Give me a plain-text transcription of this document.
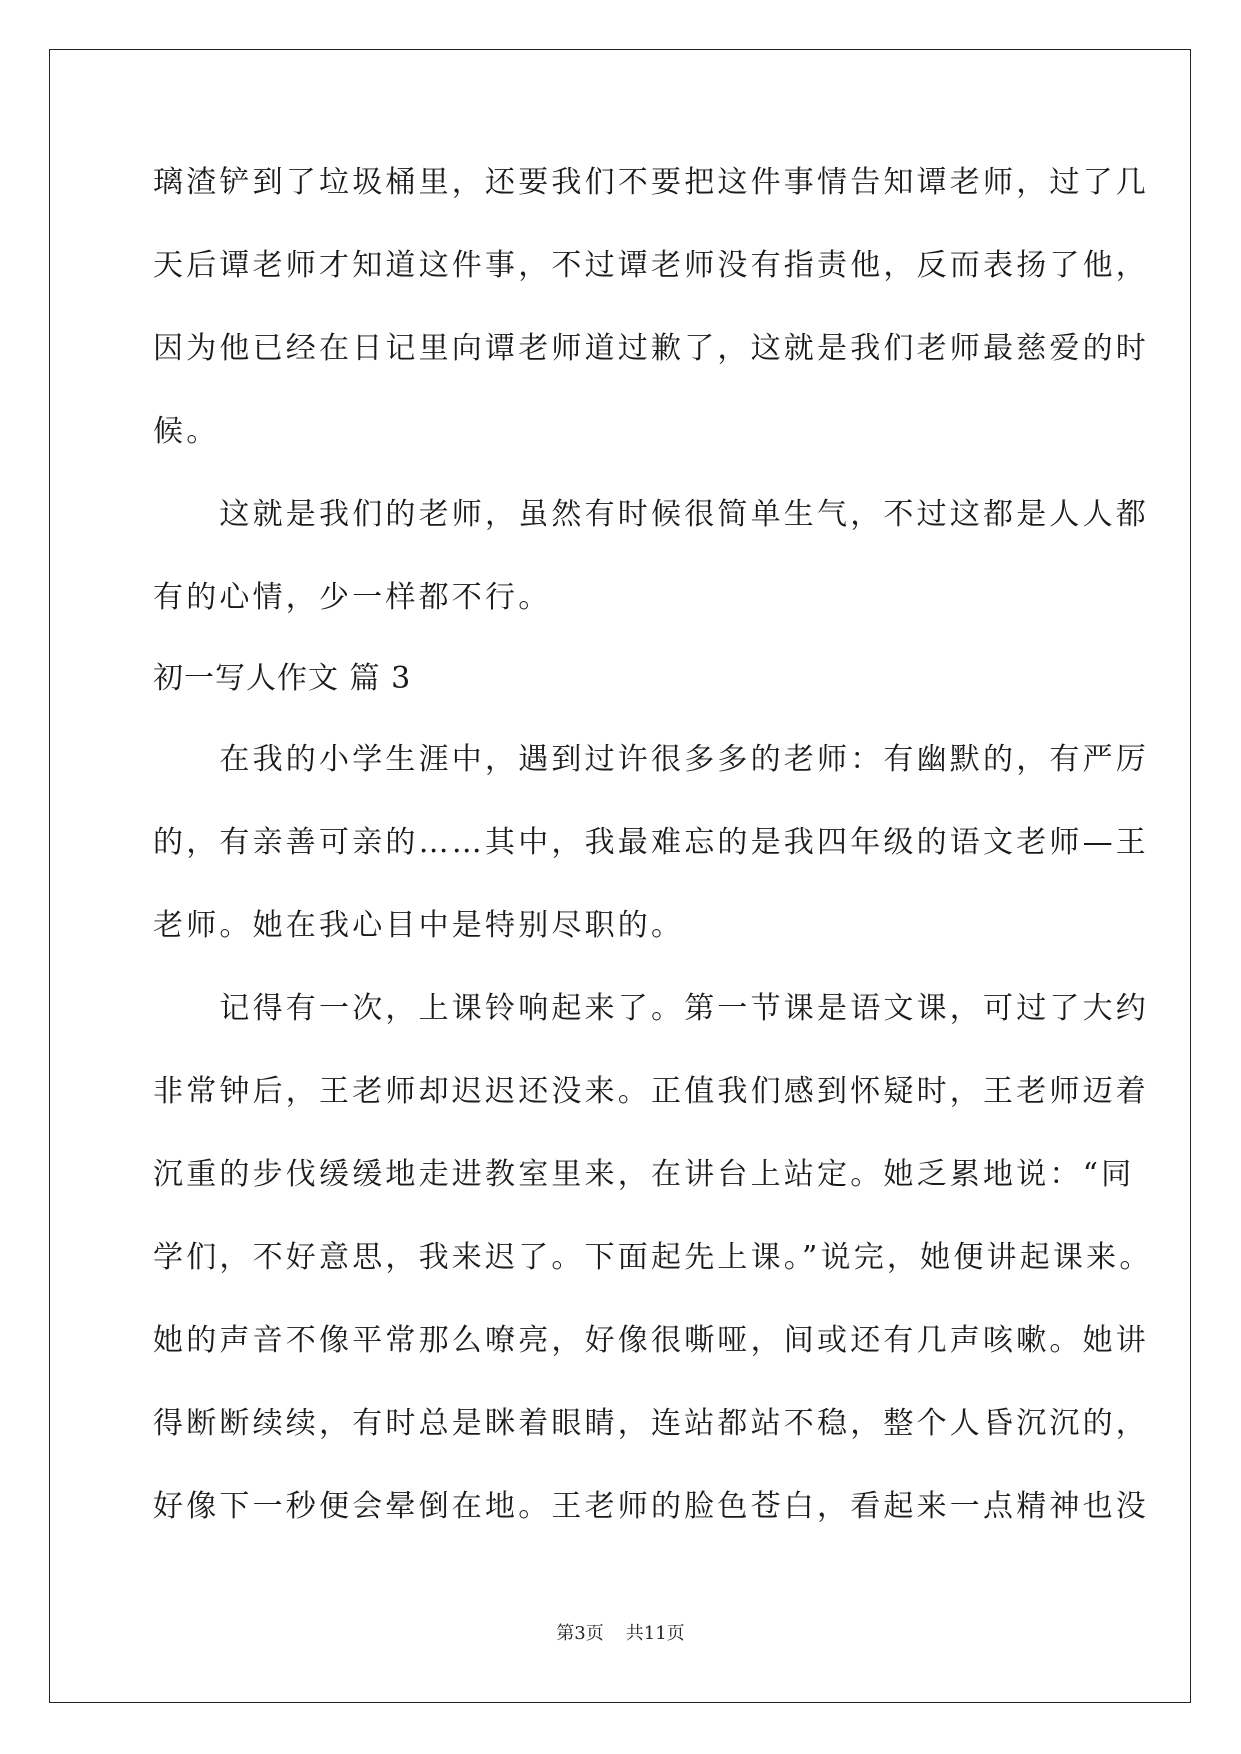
璃渣铲到了垃圾桶里，还要我们不要把这件事情告知谭老师，过了几
天后谭老师才知道这件事，不过谭老师没有指责他，反而表扬了他，
因为他已经在日记里向谭老师道过歉了，这就是我们老师最慈爱的时
候。
　　这就是我们的老师，虽然有时候很简单生气，不过这都是人人都
有的心情，少一样都不行。
初一写人作文 篇 3
　　在我的小学生涯中，遇到过许很多多的老师：有幽默的，有严厉
的，有亲善可亲的……其中，我最难忘的是我四年级的语文老师—王
老师。她在我心目中是特别尽职的。
　　记得有一次，上课铃响起来了。第一节课是语文课，可过了大约
非常钟后，王老师却迟迟还没来。正值我们感到怀疑时，王老师迈着
沉重的步伐缓缓地走进教室里来，在讲台上站定。她乏累地说：“同
学们，不好意思，我来迟了。下面起先上课。”说完，她便讲起课来。
她的声音不像平常那么嘹亮，好像很嘶哑，间或还有几声咳嗽。她讲
得断断续续，有时总是眯着眼睛，连站都站不稳，整个人昏沉沉的，
好像下一秒便会晕倒在地。王老师的脸色苍白，看起来一点精神也没
第3页 共11页
